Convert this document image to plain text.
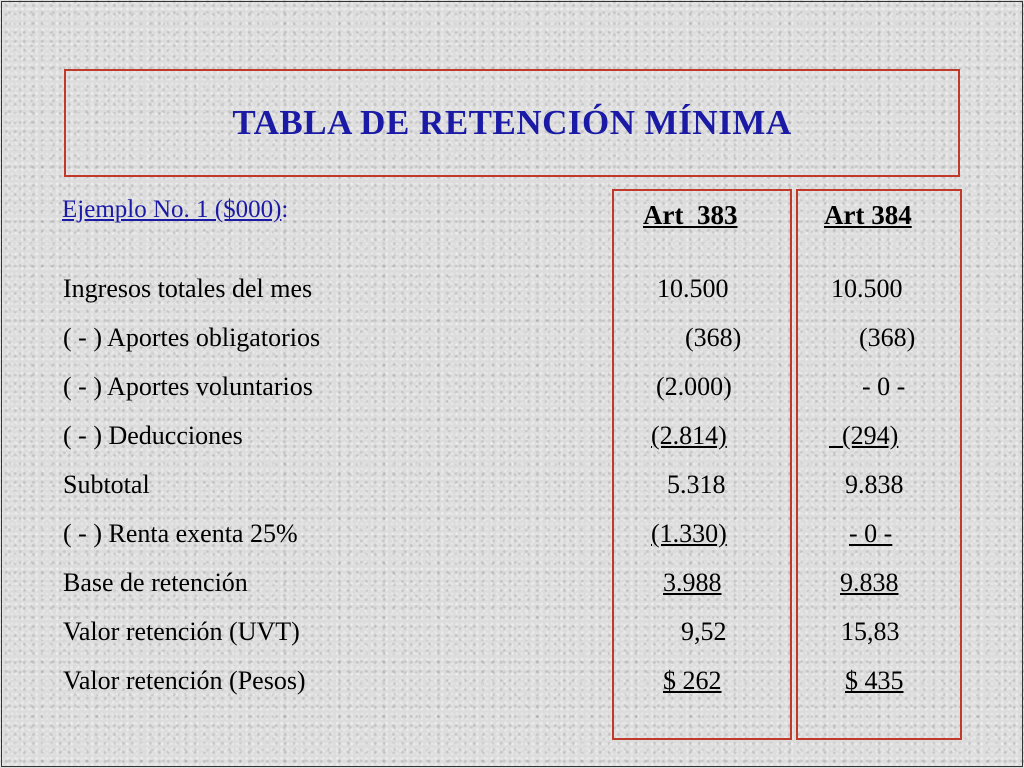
TABLA DE RETENCIÓN MÍNIMA
Ejemplo No. 1 ($000):	Art  383	Art 384
Ingresos totales del mes
( - ) Aportes obligatorios
( - ) Aportes voluntarios
( - ) Deducciones
Subtotal
( - ) Renta exenta 25%
Base de retención
Valor retención (UVT)
Valor retención (Pesos)
10.500
(368)
(2.000)
(2.814)
5.318
(1.330)
3.988
9,52
$ 262
10.500
(368)
- 0 -
(294)
9.838
- 0 -
9.838
15,83
$ 435
